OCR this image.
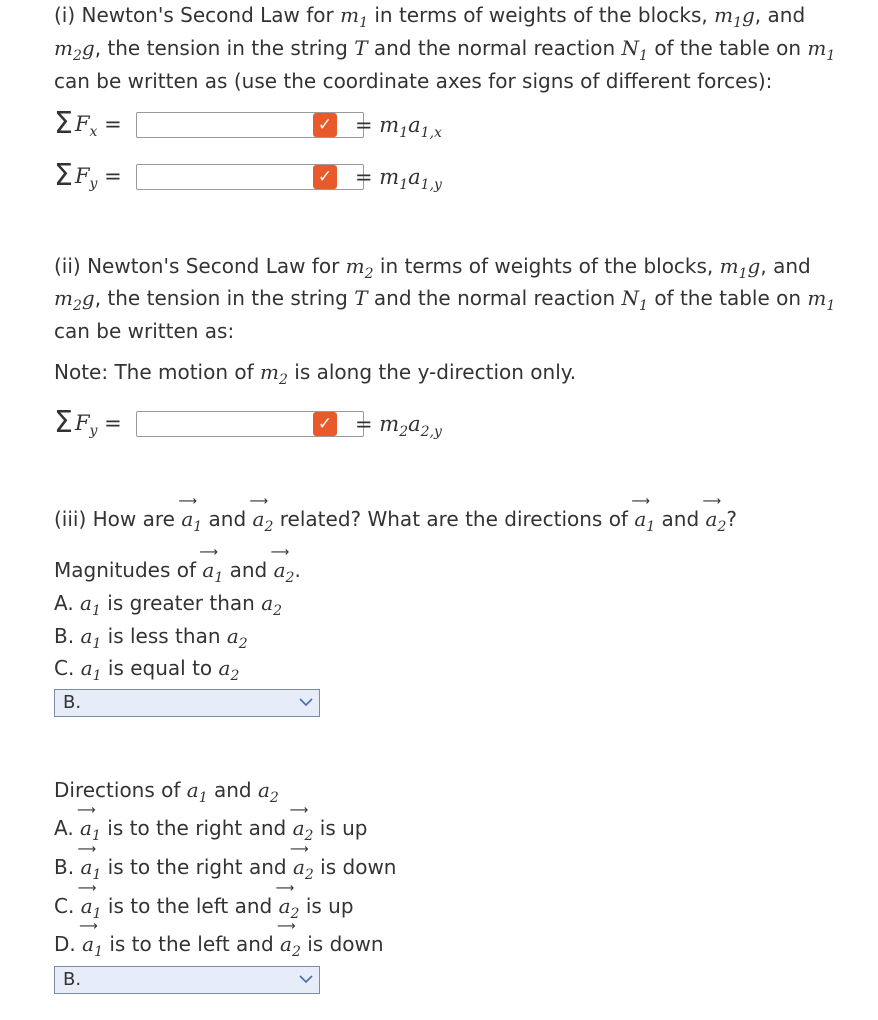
(i) Newton's Second Law for $m_1$ in terms of weights of the blocks, $m_1g$, and
$m_2g$, the tension in the string T and the normal reaction $N_1$ of the table on $m_1$
can be written as (use the coordinate axes for signs of different forces):
Σ $F_x$
=	✓ = $m_1a_{1,x}$
Σ $F_y$
=	✓ = $m_1a_{1,y}$
(ii) Newton's Second Law for $m_2$ in terms of weights of the blocks, $m_1g$, and
$m_2g$, the tension in the string T and the normal reaction $N_1$ of the table on $m_1$
can be written as:
Note: The motion of $m_2$ is along the y-direction only.
Σ $F_y$
=	✓ = $m_2a_{2,y}$
(iii) How are ⟶ $a_1$ and ⟶ $a_2$ related? What are the directions of ⟶ $a_1$ and ⟶ $a_2$?
Magnitudes of ⟶ $a_1$ and ⟶ $a_2$.
A. $a_1$ is greater than $a_2$
B. $a_1$ is less than $a_2$
C. $a_1$ is equal to $a_2$
B.
Directions of $a_1$ and $a_2$
A. ⟶ $a_1$ is to the right and ⟶ $a_2$ is up
B. ⟶ $a_1$ is to the right and ⟶ $a_2$ is down
C. ⟶ $a_1$ is to the left and ⟶ $a_2$ is up
D. ⟶ $a_1$ is to the left and ⟶ $a_2$ is down
B.
